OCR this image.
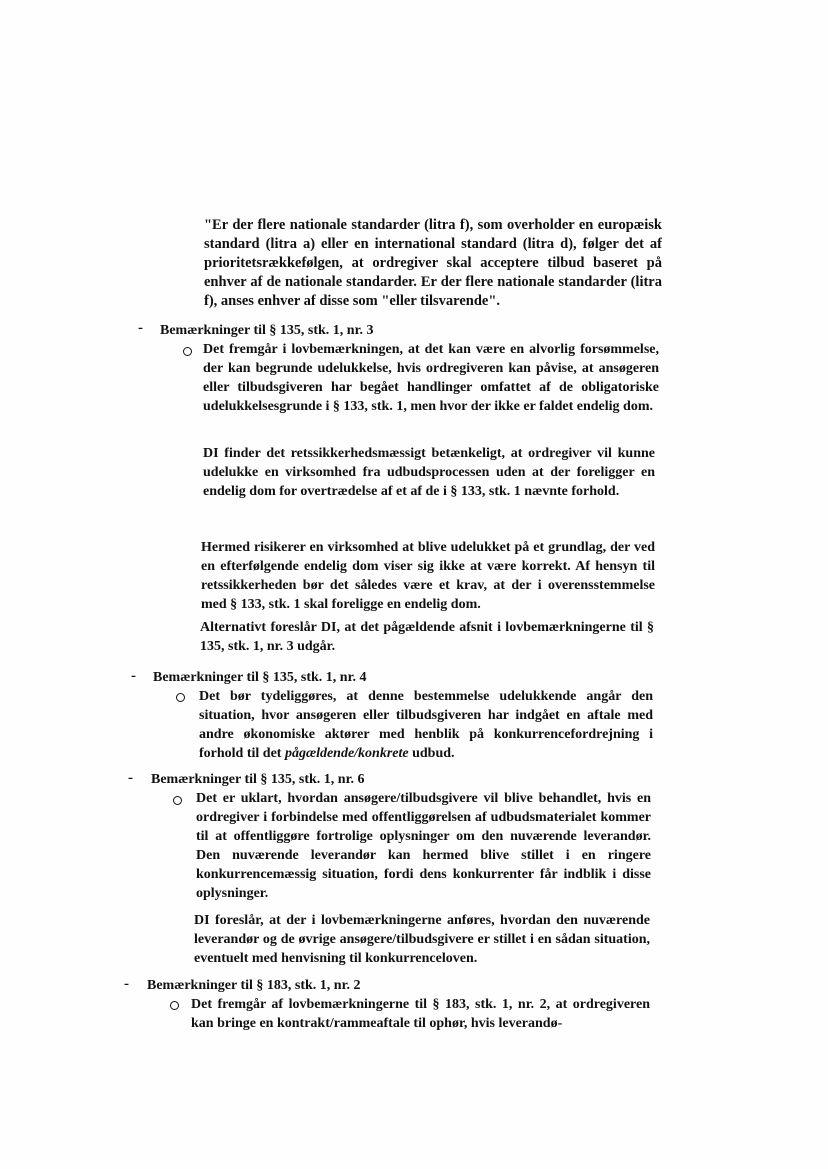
"Er der flere nationale standarder (litra f), som overholder en europæisk standard (litra a) eller en international standard (litra d), følger det af prioritetsrækkefølgen, at ordregiver skal acceptere tilbud baseret på enhver af de nationale standarder. Er der flere nationale standarder (litra f), anses enhver af disse som "eller tilsvarende".

- Bemærkninger til § 135, stk. 1, nr. 3

Det fremgår i lovbemærkningen, at det kan være en alvorlig forsømmelse, der kan begrunde udelukkelse, hvis ordregiveren kan påvise, at ansøgeren eller tilbudsgiveren har begået handlinger omfattet af de obligatoriske udelukkelsesgrunde i § 133, stk. 1, men hvor der ikke er faldet endelig dom.

DI finder det retssikkerhedsmæssigt betænkeligt, at ordregiver vil kunne udelukke en virksomhed fra udbudsprocessen uden at der foreligger en endelig dom for overtrædelse af et af de i § 133, stk. 1 nævnte forhold.

Hermed risikerer en virksomhed at blive udelukket på et grundlag, der ved en efterfølgende endelig dom viser sig ikke at være korrekt. Af hensyn til retssikkerheden bør det således være et krav, at der i overensstemmelse med § 133, stk. 1 skal foreligge en endelig dom.

Alternativt foreslår DI, at det pågældende afsnit i lovbemærkningerne til § 135, stk. 1, nr. 3 udgår.

- Bemærkninger til § 135, stk. 1, nr. 4

Det bør tydeliggøres, at denne bestemmelse udelukkende angår den situation, hvor ansøgeren eller tilbudsgiveren har indgået en aftale med andre økonomiske aktører med henblik på konkurrencefordrejning i forhold til det pågældende/konkrete udbud.

- Bemærkninger til § 135, stk. 1, nr. 6

Det er uklart, hvordan ansøgere/tilbudsgivere vil blive behandlet, hvis en ordregiver i forbindelse med offentliggørelsen af udbudsmaterialet kommer til at offentliggøre fortrolige oplysninger om den nuværende leverandør. Den nuværende leverandør kan hermed blive stillet i en ringere konkurrencemæssig situation, fordi dens konkurrenter får indblik i disse oplysninger.

DI foreslår, at der i lovbemærkningerne anføres, hvordan den nuværende leverandør og de øvrige ansøgere/tilbudsgivere er stillet i en sådan situation, eventuelt med henvisning til konkurrenceloven.

- Bemærkninger til § 183, stk. 1, nr. 2

Det fremgår af lovbemærkningerne til § 183, stk. 1, nr. 2, at ordregiveren kan bringe en kontrakt/rammeaftale til ophør, hvis leverandø-
